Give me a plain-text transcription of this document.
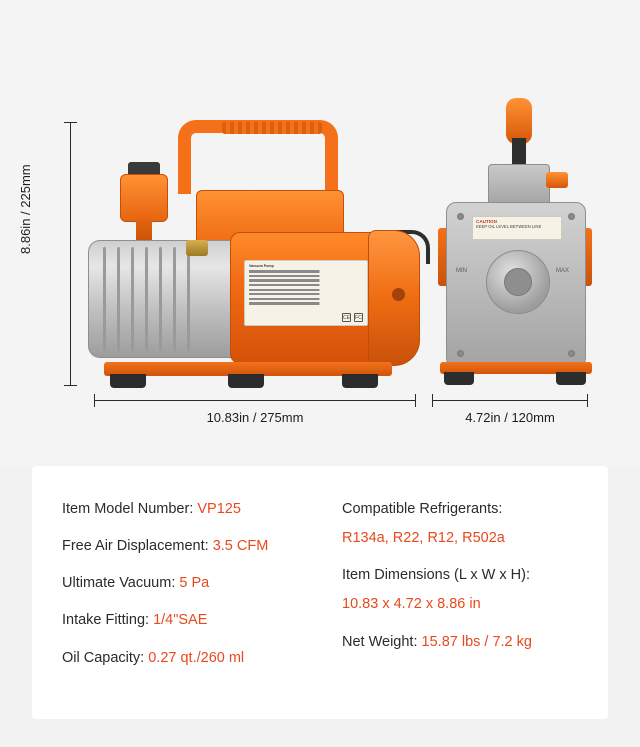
8.86in / 225mm
Vacuum Pump
CE FC
CAUTION
KEEP OIL LEVEL BETWEEN LINE
MIN	MAX
10.83in / 275mm	4.72in / 120mm
Item Model Number: VP125
Free Air Displacement: 3.5 CFM
Ultimate Vacuum: 5 Pa
Intake Fitting: 1/4"SAE
Oil Capacity: 0.27 qt./260 ml
Compatible Refrigerants:
R134a, R22, R12, R502a
Item Dimensions (L x W x H):
10.83 x 4.72 x 8.86 in
Net Weight: 15.87 lbs / 7.2 kg
